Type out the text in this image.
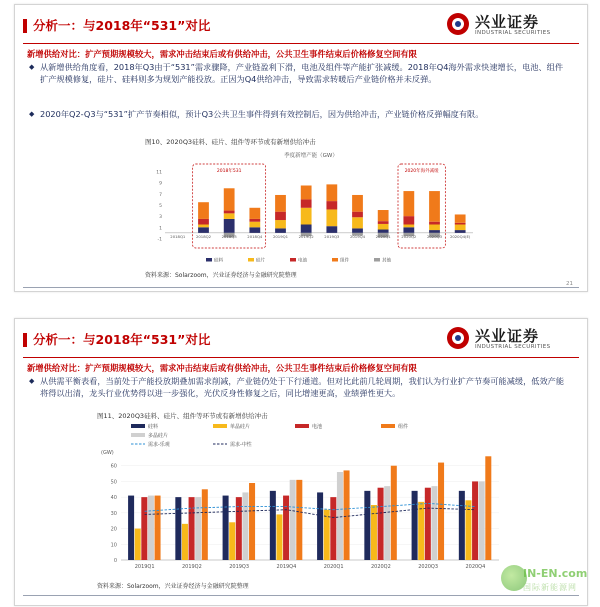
分析一：与2018年“531”对比	兴业证券
INDUSTRIAL SECURITIES
新增供给对比：扩产预期规模较大，需求冲击结束后或有供给冲击，公共卫生事件结束后价格修复空间有限
◆ 从新增供给角度看，2018年Q3由于“531”需求骤降，产业链盈利下滑，电池及组件等产能扩张减缓。2018年Q4海外需求快速增长，电池、组件扩产规模修复，硅片、硅料则多为规划产能投放。正因为Q4供给冲击，导致需求转暖后产业链价格并未反弹。
◆ 2020年Q2-Q3与“531”扩产节奏相似，预计Q3公共卫生事件得到有效控制后，因为供给冲击，产业链价格反弹幅度有限。
图10、2020Q3硅料、硅片、组件等环节或有新增供给冲击
季度新增产能（GW）
-1
1
3
5
7
9
11	2018年531	2020年海外减缓
2018Q1	2018Q2	2018Q3	2018Q4	2019Q1	2019Q2	2019Q3	2019Q4	2020Q1	2020Q2	2020Q3 2020Q4(E)
硅料	硅片	电池	组件	其他
资料来源：Solarzoom，兴业证券经济与金融研究院整理
21
分析一：与2018年“531”对比	兴业证券
INDUSTRIAL SECURITIES
新增供给对比：扩产预期规模较大，需求冲击结束后或有供给冲击，公共卫生事件结束后价格修复空间有限
◆ 从供需平衡表看，当前处于产能投放期叠加需求削减，产业链仍处于下行通道。但对比此前几轮周期，我们认为行业扩产节奏可能减缓，低效产能将得以出清，龙头行业优势得以进一步强化，光伏反身性修复之后，同比增速更高，业绩弹性更大。
图11、2020Q3硅料、硅片、组件等环节或有新增供给冲击
(GW)
0
10
20
30
40
50
60
2019Q1	2019Q2	2019Q3	2019Q4	2020Q1	2020Q2	2020Q3	2020Q4
硅料	单晶硅片	电池
多晶硅片
组件
需求-乐观	需求-中性
资料来源：Solarzoom，兴业证券经济与金融研究院整理
IN-EN.com
国际新能源网
